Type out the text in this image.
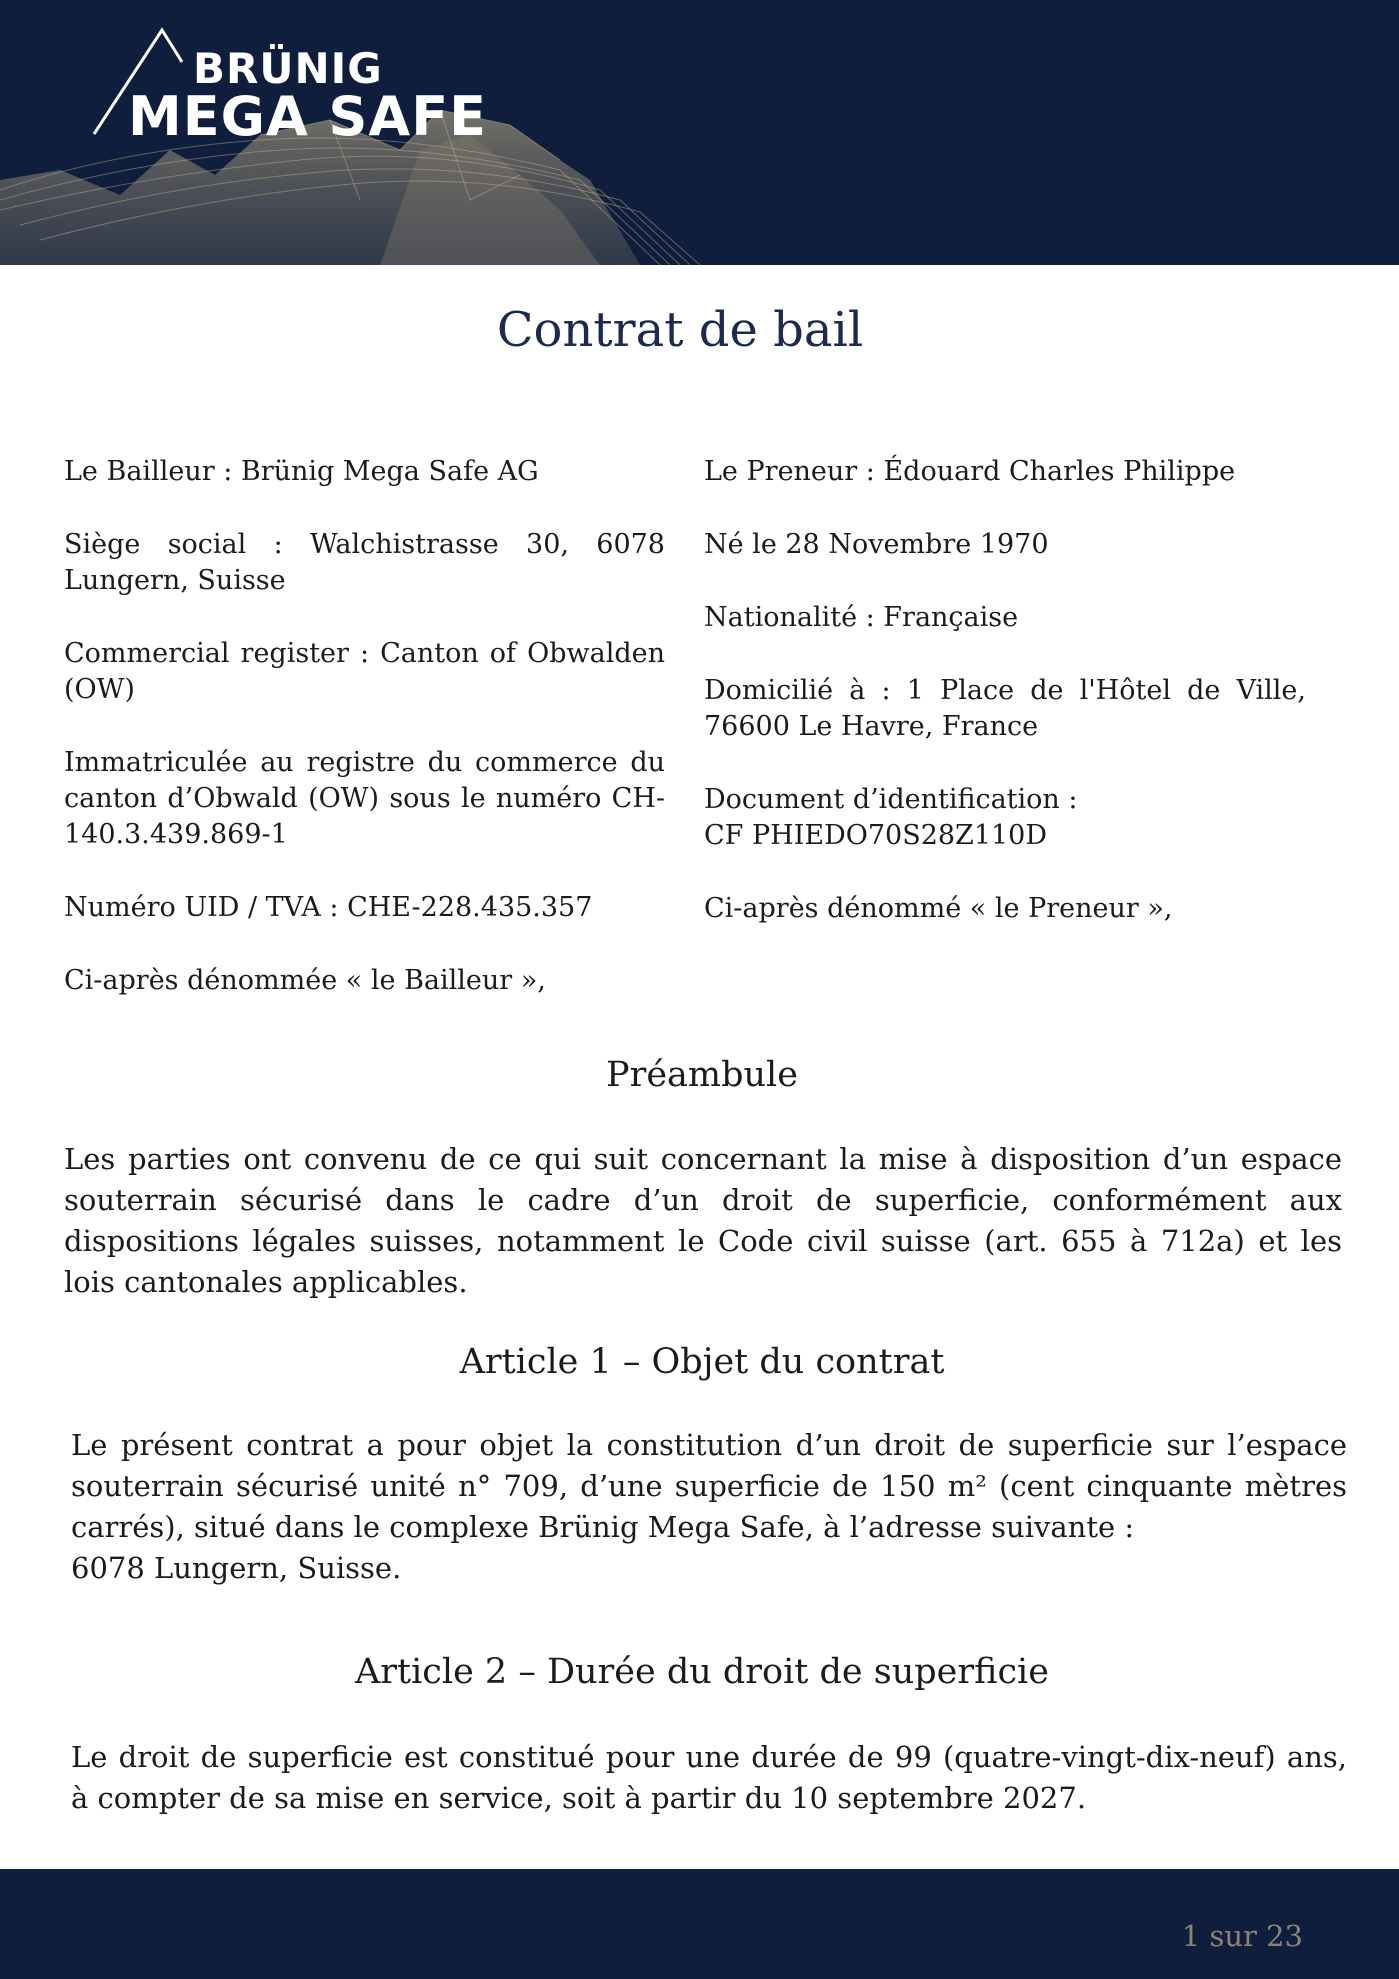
BRÜNIG
MEGA SAFE
Contrat de bail

Le Bailleur : Brünig Mega Safe AG

Siège social : Walchistrasse 30, 6078 Lungern, Suisse

Commercial register : Canton of Obwalden (OW)

Immatriculée au registre du commerce du canton d’Obwald (OW) sous le numéro CH-140.3.439.869-1

Numéro UID / TVA : CHE-228.435.357

Ci-après dénommée « le Bailleur »,

Le Preneur : Édouard Charles Philippe

Né le 28 Novembre 1970

Nationalité : Française

Domicilié à : 1 Place de l'Hôtel de Ville, 76600 Le Havre, France

Document d’identification :
CF PHIEDO70S28Z110D

Ci-après dénommé « le Preneur »,

Préambule

Les parties ont convenu de ce qui suit concernant la mise à disposition d’un espace souterrain sécurisé dans le cadre d’un droit de superficie, conformément aux dispositions légales suisses, notamment le Code civil suisse (art. 655 à 712a) et les lois cantonales applicables.

Article 1 – Objet du contrat

Le présent contrat a pour objet la constitution d’un droit de superficie sur l’espace souterrain sécurisé unité n° 709, d’une superficie de 150 m² (cent cinquante mètres carrés), situé dans le complexe Brünig Mega Safe, à l’adresse suivante :
6078 Lungern, Suisse.

Article 2 – Durée du droit de superficie

Le droit de superficie est constitué pour une durée de 99 (quatre-vingt-dix-neuf) ans, à compter de sa mise en service, soit à partir du 10 septembre 2027.

1 sur 23
